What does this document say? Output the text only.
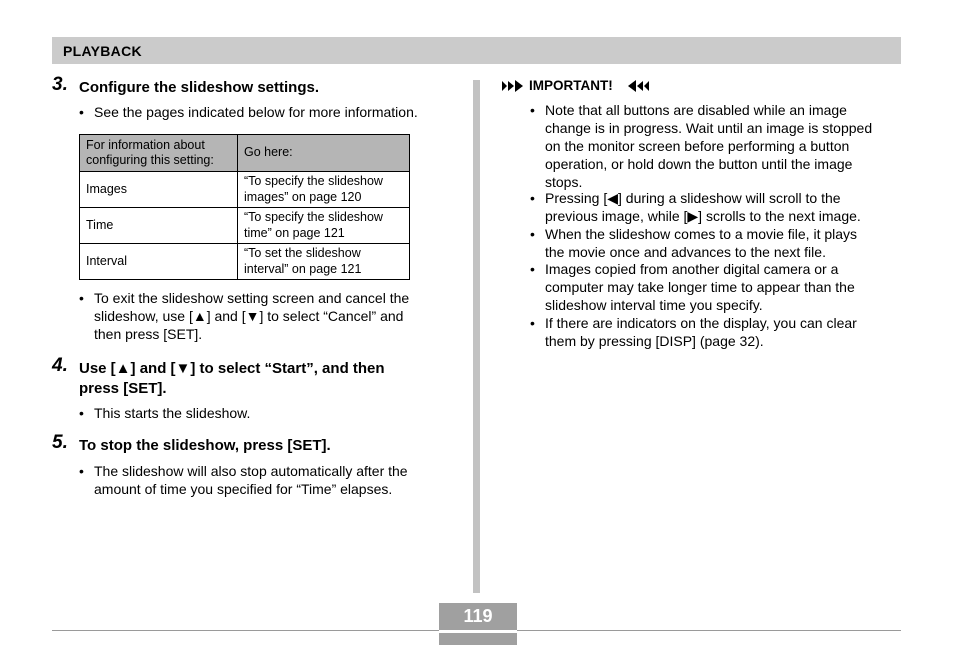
PLAYBACK
3. Configure the slideshow settings.
• See the pages indicated below for more information.
For information about
configuring this setting:	Go here:

Images	“To specify the slideshow
images” on page 120

Time	“To specify the slideshow
time” on page 121

Interval	“To set the slideshow
interval” on page 121
• To exit the slideshow setting screen and cancel the
slideshow, use [▲] and [▼] to select “Cancel” and
then press [SET].
4. Use [▲] and [▼] to select “Start”, and then
press [SET].
• This starts the slideshow.
5. To stop the slideshow, press [SET].
• The slideshow will also stop automatically after the
amount of time you specified for “Time” elapses.
IMPORTANT!
• Note that all buttons are disabled while an image
change is in progress. Wait until an image is stopped
on the monitor screen before performing a button
operation, or hold down the button until the image
stops.
• Pressing [◀] during a slideshow will scroll to the
previous image, while [▶] scrolls to the next image.
• When the slideshow comes to a movie file, it plays
the movie once and advances to the next file.
• Images copied from another digital camera or a
computer may take longer time to appear than the
slideshow interval time you specify.
• If there are indicators on the display, you can clear
them by pressing [DISP] (page 32).
119
